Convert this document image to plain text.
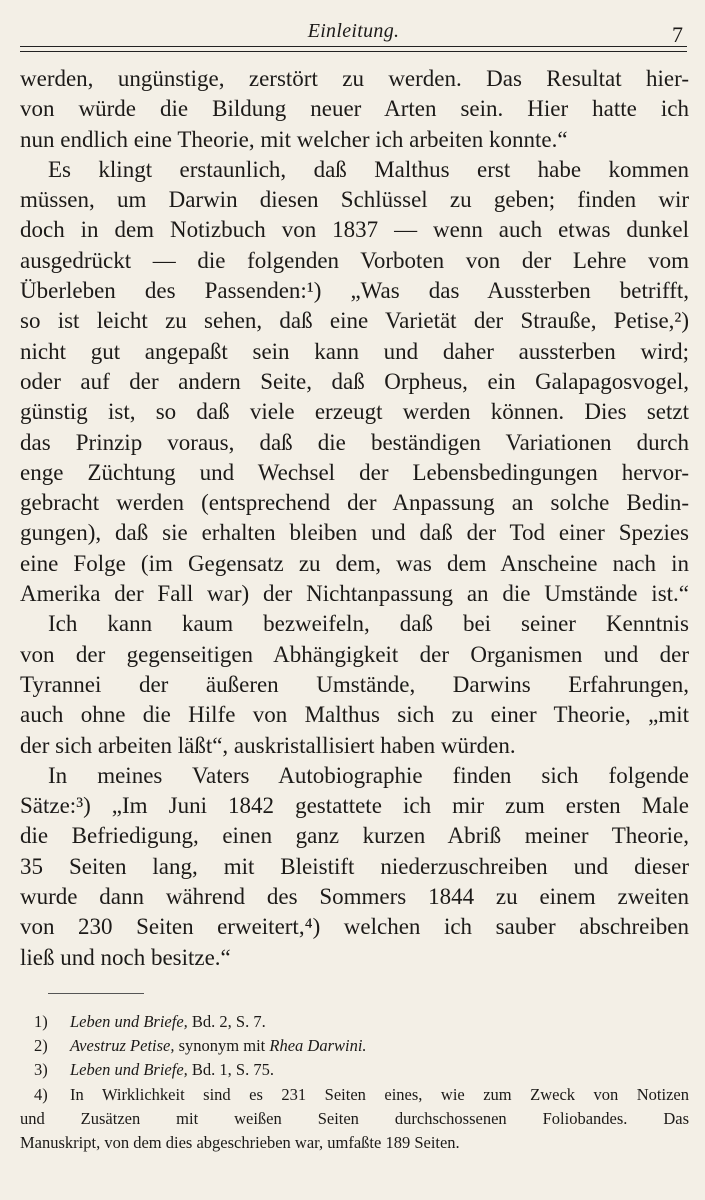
Einleitung.	7
werden, ungünstige, zerstört zu werden. Das Resultat hier-
von würde die Bildung neuer Arten sein. Hier hatte ich
nun endlich eine Theorie, mit welcher ich arbeiten konnte.“
Es klingt erstaunlich, daß Malthus erst habe kommen
müssen, um Darwin diesen Schlüssel zu geben; finden wir
doch in dem Notizbuch von 1837 — wenn auch etwas dunkel
ausgedrückt — die folgenden Vorboten von der Lehre vom
Überleben des Passenden:¹) „Was das Aussterben betrifft,
so ist leicht zu sehen, daß eine Varietät der Strauße, Petise,²)
nicht gut angepaßt sein kann und daher aussterben wird;
oder auf der andern Seite, daß Orpheus, ein Galapagosvogel,
günstig ist, so daß viele erzeugt werden können. Dies setzt
das Prinzip voraus, daß die beständigen Variationen durch
enge Züchtung und Wechsel der Lebensbedingungen hervor-
gebracht werden (entsprechend der Anpassung an solche Bedin-
gungen), daß sie erhalten bleiben und daß der Tod einer Spezies
eine Folge (im Gegensatz zu dem, was dem Anscheine nach in
Amerika der Fall war) der Nichtanpassung an die Umstände ist.“
Ich kann kaum bezweifeln, daß bei seiner Kenntnis
von der gegenseitigen Abhängigkeit der Organismen und der
Tyrannei der äußeren Umstände, Darwins Erfahrungen,
auch ohne die Hilfe von Malthus sich zu einer Theorie, „mit
der sich arbeiten läßt“, auskristallisiert haben würden.
In meines Vaters Autobiographie finden sich folgende
Sätze:³) „Im Juni 1842 gestattete ich mir zum ersten Male
die Befriedigung, einen ganz kurzen Abriß meiner Theorie,
35 Seiten lang, mit Bleistift niederzuschreiben und dieser
wurde dann während des Sommers 1844 zu einem zweiten
von 230 Seiten erweitert,⁴) welchen ich sauber abschreiben
ließ und noch besitze.“
1) Leben und Briefe, Bd. 2, S. 7.
2) Avestruz Petise, synonym mit Rhea Darwini.
3) Leben und Briefe, Bd. 1, S. 75.
4) In Wirklichkeit sind es 231 Seiten eines, wie zum Zweck von Notizen
und Zusätzen mit weißen Seiten durchschossenen Foliobandes. Das
Manuskript, von dem dies abgeschrieben war, umfaßte 189 Seiten.
